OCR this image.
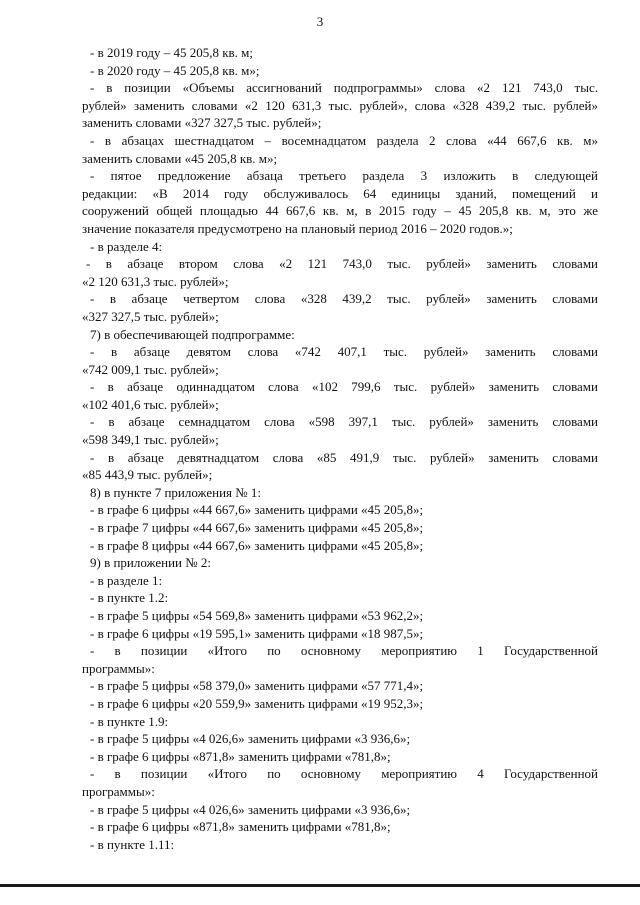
3
- в 2019 году – 45 205,8 кв. м;
- в 2020 году – 45 205,8 кв. м»;
- в позиции «Объемы ассигнований подпрограммы» слова «2 121 743,0 тыс.
рублей» заменить словами «2 120 631,3 тыс. рублей», слова «328 439,2 тыс. рублей»
заменить словами «327 327,5 тыс. рублей»;
- в абзацах шестнадцатом – восемнадцатом раздела 2 слова «44 667,6 кв. м»
заменить словами «45 205,8 кв. м»;
- пятое предложение абзаца третьего раздела 3 изложить в следующей
редакции: «В 2014 году обслуживалось 64 единицы зданий, помещений и
сооружений общей площадью 44 667,6 кв. м, в 2015 году – 45 205,8 кв. м, это же
значение показателя предусмотрено на плановый период 2016 – 2020 годов.»;
- в разделе 4:
- в абзаце втором слова «2 121 743,0 тыс. рублей» заменить словами
«2 120 631,3 тыс. рублей»;
- в абзаце четвертом слова «328 439,2 тыс. рублей» заменить словами
«327 327,5 тыс. рублей»;
7) в обеспечивающей подпрограмме:
- в абзаце девятом слова «742 407,1 тыс. рублей» заменить словами
«742 009,1 тыс. рублей»;
- в абзаце одиннадцатом слова «102 799,6 тыс. рублей» заменить словами
«102 401,6 тыс. рублей»;
- в абзаце семнадцатом слова «598 397,1 тыс. рублей» заменить словами
«598 349,1 тыс. рублей»;
- в абзаце девятнадцатом слова «85 491,9 тыс. рублей» заменить словами
«85 443,9 тыс. рублей»;
8) в пункте 7 приложения № 1:
- в графе 6 цифры «44 667,6» заменить цифрами «45 205,8»;
- в графе 7 цифры «44 667,6» заменить цифрами «45 205,8»;
- в графе 8 цифры «44 667,6» заменить цифрами «45 205,8»;
9) в приложении № 2:
- в разделе 1:
- в пункте 1.2:
- в графе 5 цифры «54 569,8» заменить цифрами «53 962,2»;
- в графе 6 цифры «19 595,1» заменить цифрами «18 987,5»;
- в позиции «Итого по основному мероприятию 1 Государственной
программы»:
- в графе 5 цифры «58 379,0» заменить цифрами «57 771,4»;
- в графе 6 цифры «20 559,9» заменить цифрами «19 952,3»;
- в пункте 1.9:
- в графе 5 цифры «4 026,6» заменить цифрами «3 936,6»;
- в графе 6 цифры «871,8» заменить цифрами «781,8»;
- в позиции «Итого по основному мероприятию 4 Государственной
программы»:
- в графе 5 цифры «4 026,6» заменить цифрами «3 936,6»;
- в графе 6 цифры «871,8» заменить цифрами «781,8»;
- в пункте 1.11:
